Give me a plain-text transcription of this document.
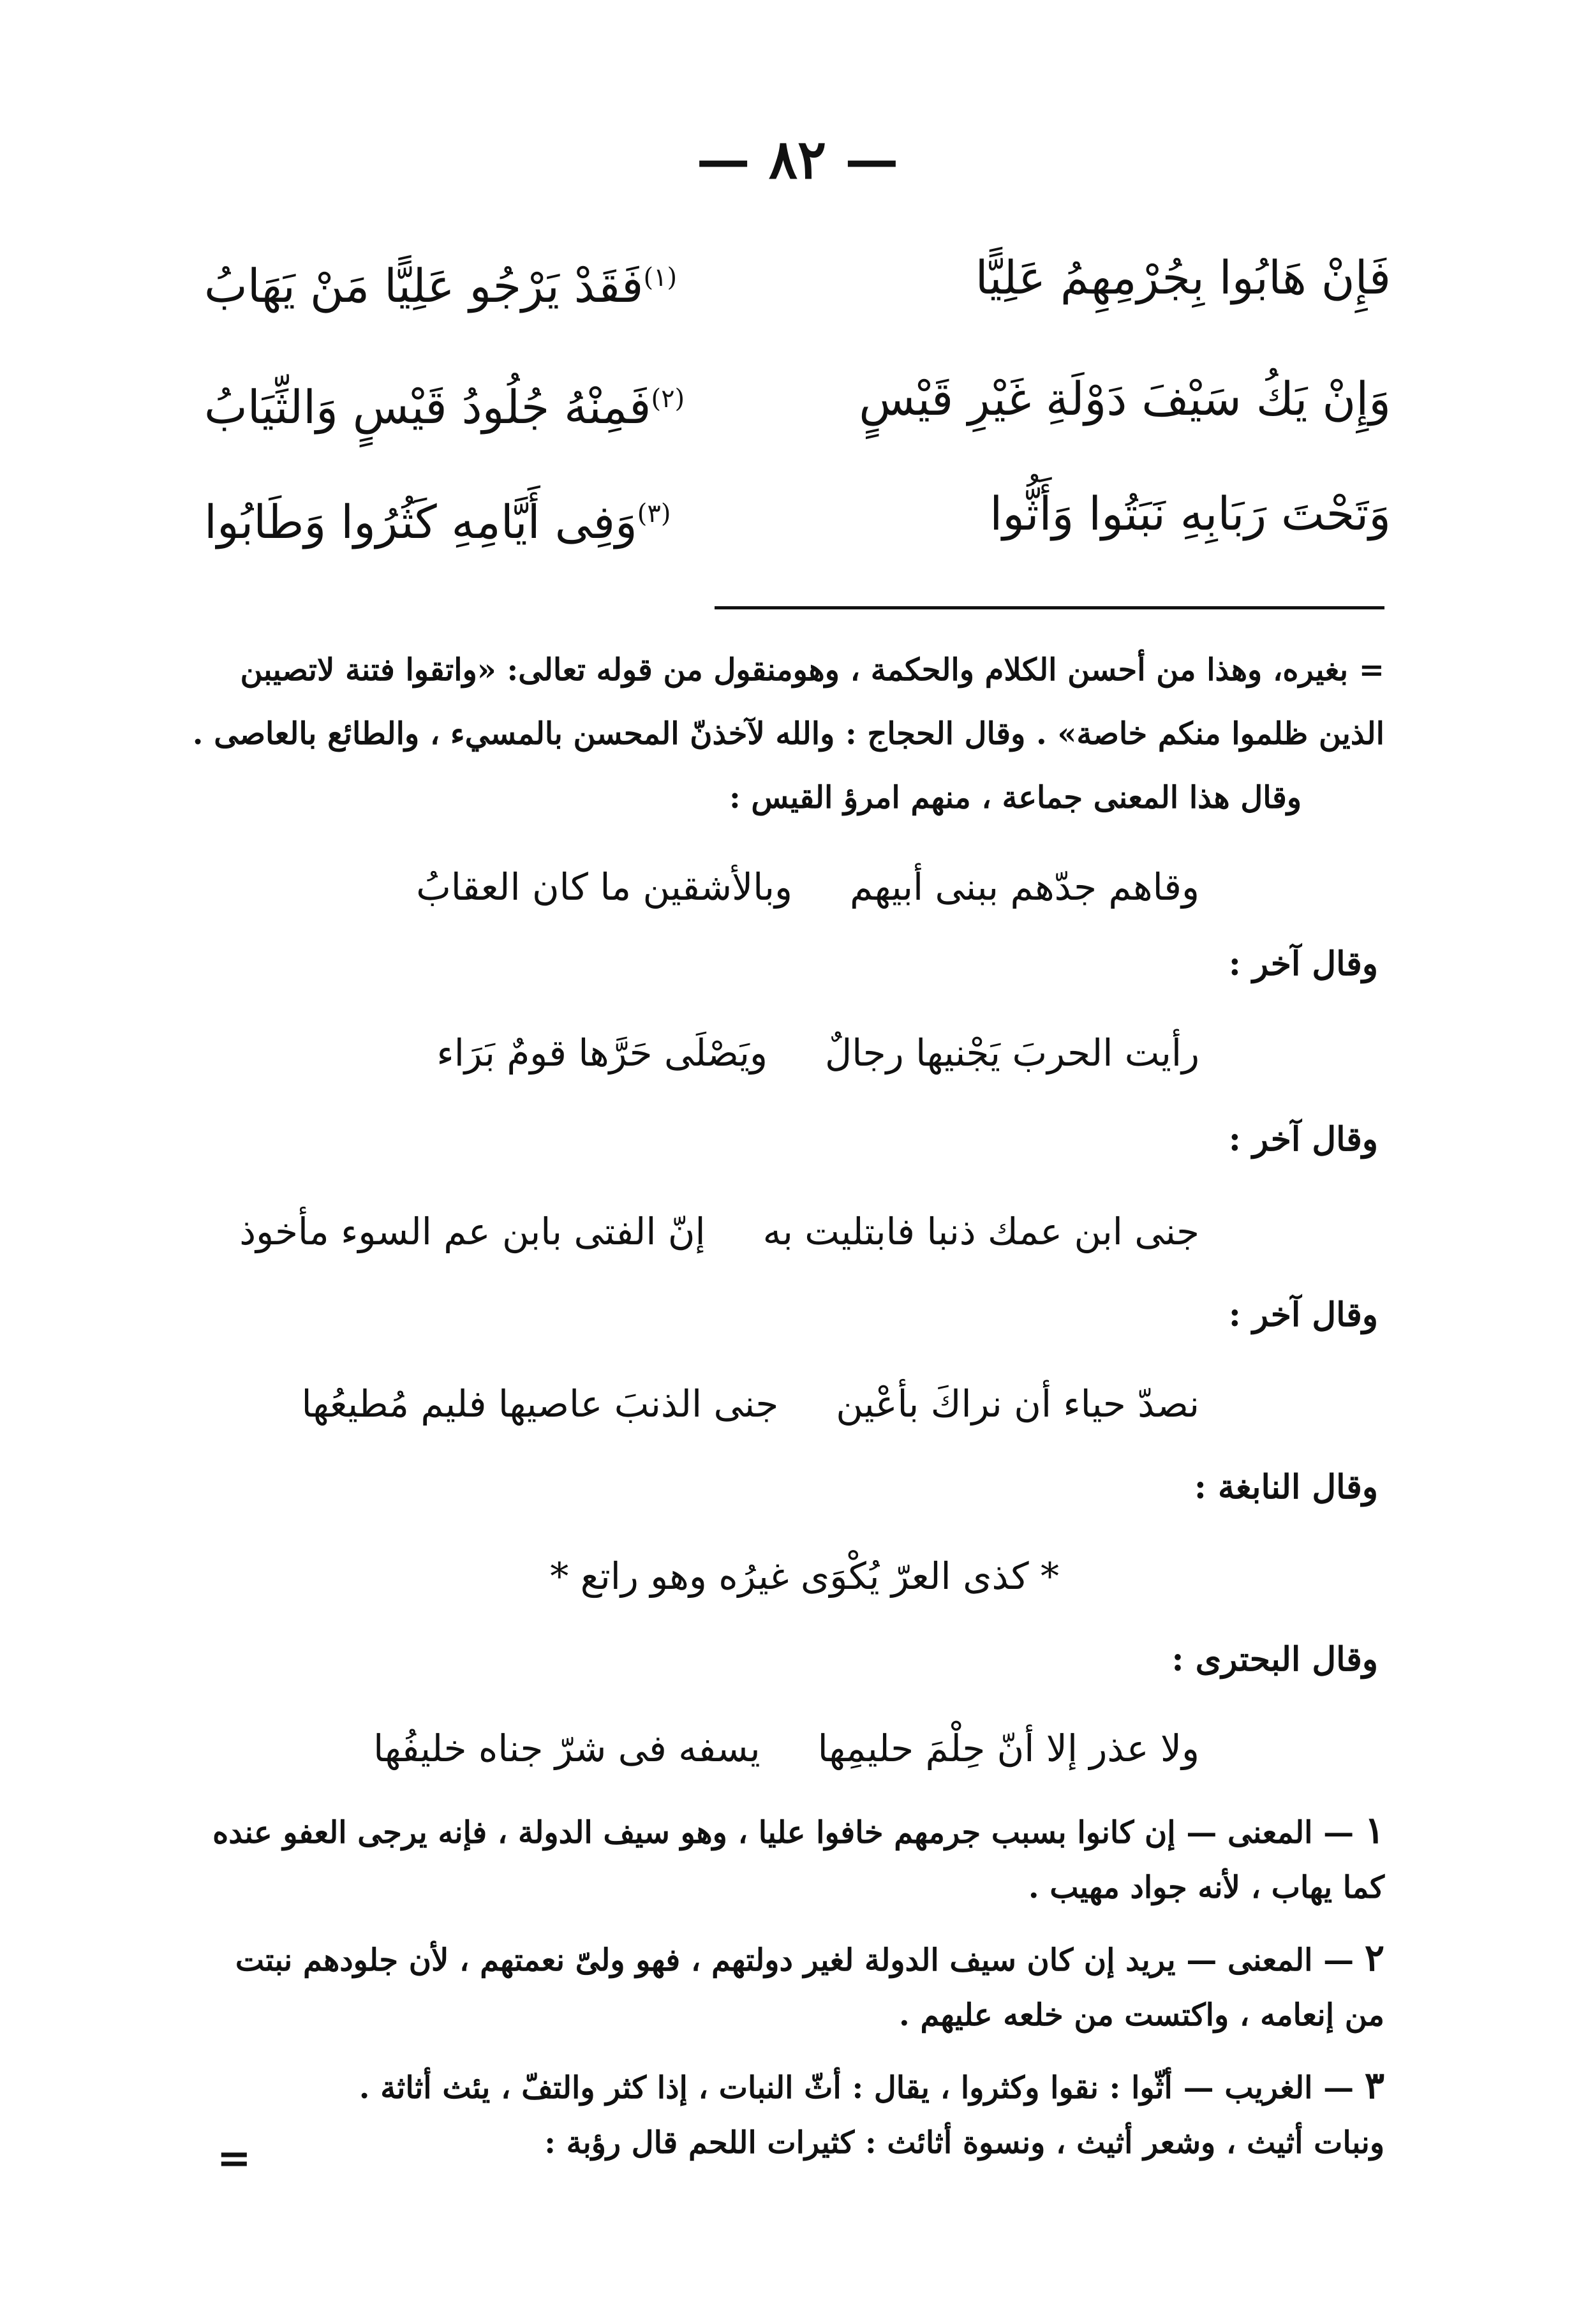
— ٨٢ —
فَإِنْ هَابُوا بِجُرْمِهِمُ عَلِيًّا
$^{(١)}$فَقَدْ يَرْجُو عَلِيًّا مَنْ يَهَابُ
وَإِنْ يَكُ سَيْفَ دَوْلَةِ غَيْرِ قَيْسٍ
$^{(٢)}$فَمِنْهُ جُلُودُ قَيْسٍ وَالثِّيَابُ
وَتَحْتَ رَبَابِهِ نَبَتُوا وَأَثُّوا
$^{(٣)}$وَفِى أَيَّامِهِ كَثُرُوا وَطَابُوا
= بغيره، وهذا من أحسن الكلام والحكمة ، وهومنقول من قوله تعالى: «واتقوا فتنة لاتصيبن
الذين ظلموا منكم خاصة» . وقال الحجاج : والله لآخذنّ المحسن بالمسيء ، والطائع بالعاصى .
وقال هذا المعنى جماعة ، منهم امرؤ القيس :
وقاهم جدّهم ببنى أبيهموبالأشقين ما كان العقابُ
وقال آخر :
رأيت الحربَ يَجْنيها رجالٌويَصْلَى حَرَّها قومٌ بَرَاء
وقال آخر :
جنى ابن عمك ذنبا فابتليت بهإنّ الفتى بابن عم السوء مأخوذ
وقال آخر :
نصدّ حياء أن نراكَ بأعْينجنى الذنبَ عاصيها فليم مُطيعُها
وقال النابغة :
* كذى العرّ يُكْوَى غيرُه وهو راتع *
وقال البحترى :
ولا عذر إلا أنّ حِلْمَ حليمِهايسفه فى شرّ جناه خليفُها
١ — المعنى — إن كانوا بسبب جرمهم خافوا عليا ، وهو سيف الدولة ، فإنه يرجى العفو عنده
كما يهاب ، لأنه جواد مهيب .
٢ — المعنى — يريد إن كان سيف الدولة لغير دولتهم ، فهو ولىّ نعمتهم ، لأن جلودهم نبتت
من إنعامه ، واكتست من خلعه عليهم .
٣ — الغريب — أثّوا : نقوا وكثروا ، يقال : أثّ النبات ، إذا كثر والتفّ ، يئث أثاثة .
ونبات أثيث ، وشعر أثيث ، ونسوة أثائث : كثيرات اللحم قال رؤبة :
=
